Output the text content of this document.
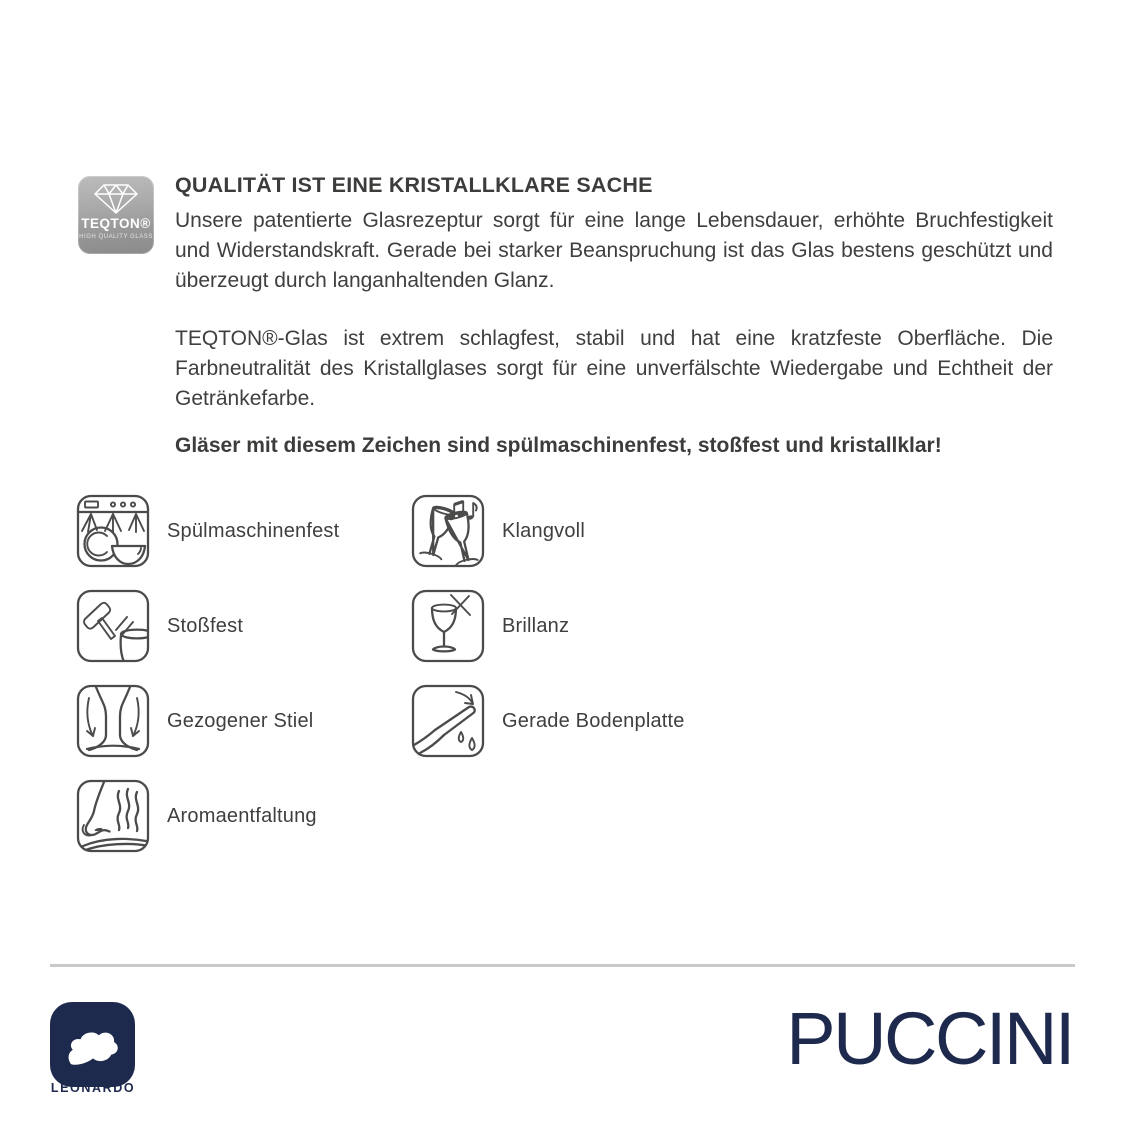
TEQTON®
HIGH QUALITY GLASS
QUALITÄT IST EINE KRISTALLKLARE SACHE

Unsere patentierte Glasrezeptur sorgt für eine lange Lebensdauer, erhöhte Bruchfestigkeit und Widerstandskraft. Gerade bei starker Beanspruchung ist das Glas bestens geschützt und überzeugt durch langanhaltenden Glanz.

TEQTON®-Glas ist extrem schlagfest, stabil und hat eine kratzfeste Oberfläche. Die Farbneutralität des Kristallglases sorgt für eine unverfälschte Wiedergabe und Echtheit der Getränkefarbe.

Gläser mit diesem Zeichen sind spülmaschinenfest, stoßfest und kristallklar!

Spülmaschinenfest	Klangvoll
Stoßfest	Brillanz
Gezogener Stiel	Gerade Bodenplatte
Aromaentfaltung
LEONARDO
PUCCINI
